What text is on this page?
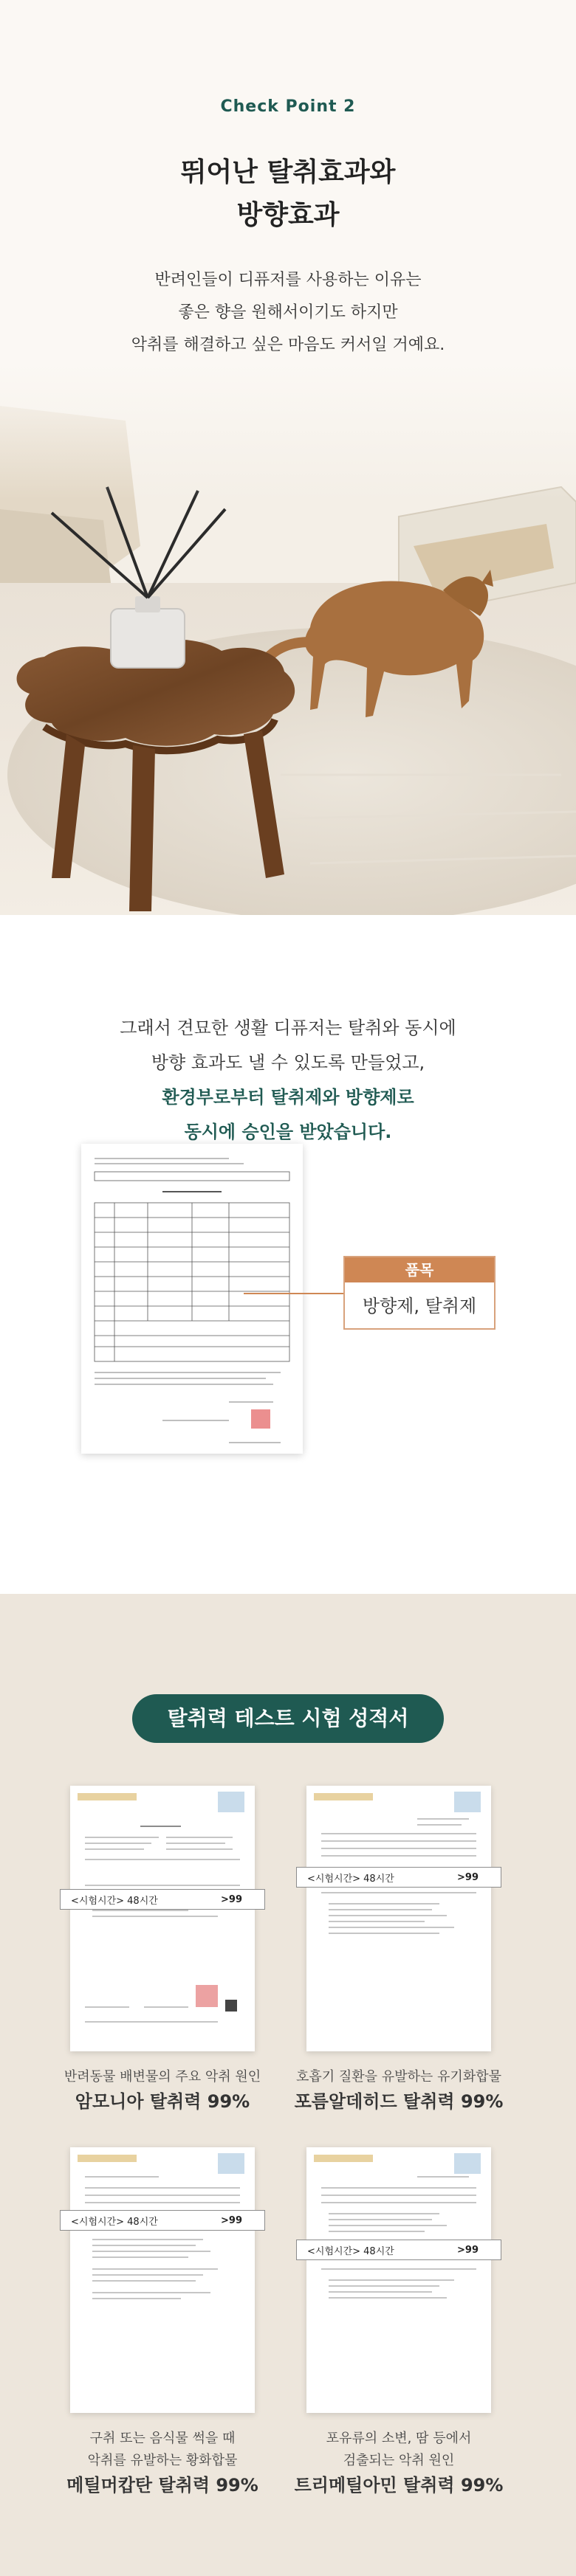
Check Point 2
뛰어난 탈취효과와
방향효과
반려인들이 디퓨저를 사용하는 이유는
좋은 향을 원해서이기도 하지만
악취를 해결하고 싶은 마음도 커서일 거예요.
그래서 견묘한 생활 디퓨저는 탈취와 동시에
방향 효과도 낼 수 있도록 만들었고,
환경부로부터 탈취제와 방향제로
동시에 승인을 받았습니다.
품목
방향제, 탈취제
탈취력 테스트 시험 성적서
<시험시간> 48시간	>99
반려동물 배변물의 주요 악취 원인
암모니아 탈취력 99%
<시험시간> 48시간	>99
호흡기 질환을 유발하는 유기화합물
포름알데히드 탈취력 99%
<시험시간> 48시간	>99
구취 또는 음식물 썩을 때
악취를 유발하는 황화합물
메틸머캅탄 탈취력 99%
<시험시간> 48시간	>99
포유류의 소변, 땀 등에서
검출되는 악취 원인
트리메틸아민 탈취력 99%
